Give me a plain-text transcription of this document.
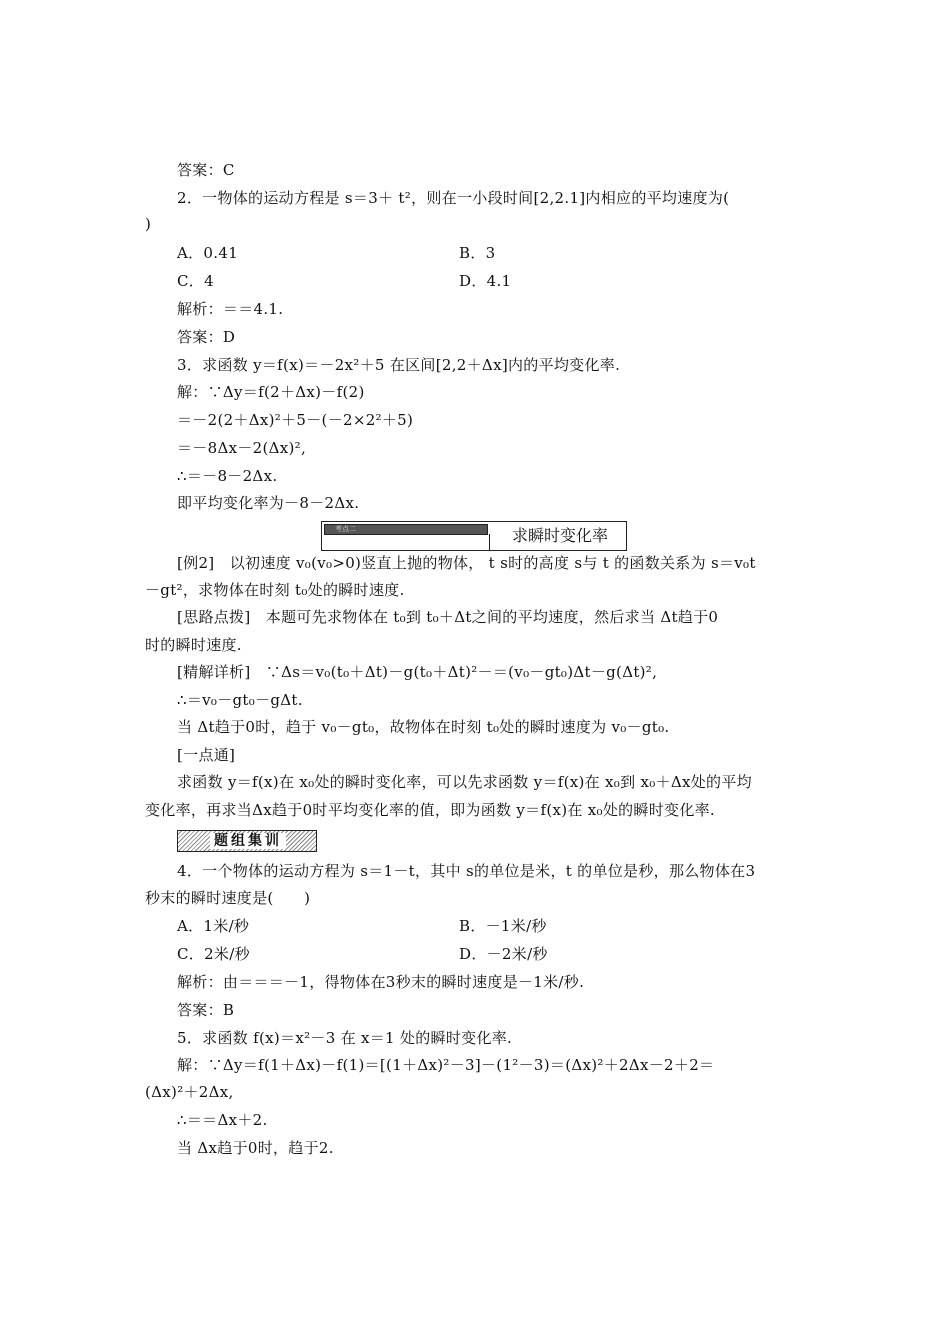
答案：C
2．一物体的运动方程是 s＝3＋ t²，则在一小段时间[2,2.1]内相应的平均速度为(
)
A．0.41	B．3
C．4	D．4.1
解析：＝＝4.1.
答案：D
3．求函数 y＝f(x)＝－2x²＋5 在区间[2,2＋Δx]内的平均变化率.
解：∵Δy＝f(2＋Δx)－f(2)
＝－2(2＋Δx)²＋5－(－2×2²＋5)
＝－8Δx－2(Δx)²,
∴＝－8－2Δx.
即平均变化率为－8－2Δx.
考点二	求瞬时变化率
[例2]　以初速度 v₀(v₀>0)竖直上抛的物体， t s时的高度 s与 t 的函数关系为 s＝v₀t
－gt²，求物体在时刻 t₀处的瞬时速度.
[思路点拨]　本题可先求物体在 t₀到 t₀＋Δt之间的平均速度，然后求当 Δt趋于0
时的瞬时速度.
[精解详析]　∵Δs＝v₀(t₀＋Δt)－g(t₀＋Δt)²－＝(v₀－gt₀)Δt－g(Δt)²,
∴＝v₀－gt₀－gΔt.
当 Δt趋于0时，趋于 v₀－gt₀，故物体在时刻 t₀处的瞬时速度为 v₀－gt₀.
[一点通]
求函数 y＝f(x)在 x₀处的瞬时变化率，可以先求函数 y＝f(x)在 x₀到 x₀＋Δx处的平均
变化率，再求当Δx趋于0时平均变化率的值，即为函数 y＝f(x)在 x₀处的瞬时变化率.
题组集训
4．一个物体的运动方程为 s＝1－t，其中 s的单位是米，t 的单位是秒，那么物体在3
秒末的瞬时速度是(　　)
A．1米/秒	B．－1米/秒
C．2米/秒	D．－2米/秒
解析：由＝＝＝－1，得物体在3秒末的瞬时速度是－1米/秒.
答案：B
5．求函数 f(x)＝x²－3 在 x＝1 处的瞬时变化率.
解：∵Δy＝f(1＋Δx)－f(1)＝[(1＋Δx)²－3]－(1²－3)＝(Δx)²＋2Δx－2＋2＝
(Δx)²＋2Δx,
∴＝＝Δx＋2.
当 Δx趋于0时，趋于2.
